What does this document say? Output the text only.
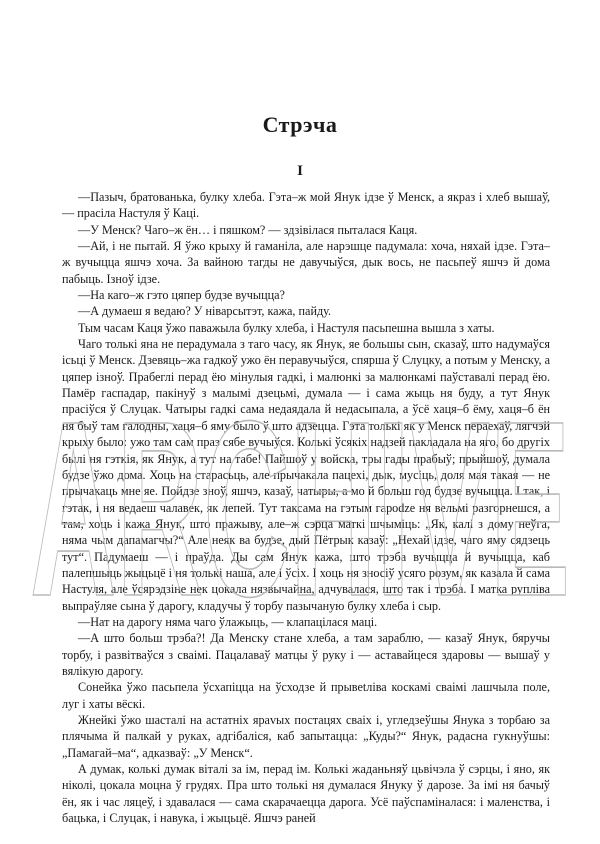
Стрэча
I

—Пазыч, братованька, булку хлеба. Гэта–ж мой Янук ідзе ў Менск, а якраз і хлеб вышаў, — прасіла Настуля ў Каці.

—У Менск? Чаго–ж ён… і пяшком? — здзівілася пыталася Каця.

—Ай, і не пытай. Я ўжо крыху й гаманіла, але нарэшце падумала: хоча, няхай ідзе. Гэта–ж вучыцца яшчэ хоча. За вайною тагды не давучыўся, дык вось, не пасьпеў яшчэ й дома пабыць. Ізноў ідзе.

—На каго–ж гэто цяпер будзе вучыцца?

—А думаеш я ведаю? У ніварсытэт, кажа, пайду.

Тым часам Каця ўжо паважыла булку хлеба, і Настуля пасьпешна вышла з хаты.

Чаго толькі яна не перадумала з таго часу, як Янук, яе большы сын, сказаў, што надумаўся ісьці ў Менск. Дзевяць–жа гадкоў ужо ён перавучыўся, спярша ў Слуцку, а потым у Менску, а цяпер ізноў. Прабеглі перад ёю мінулыя гадкі, і малюнкі за малюнкамі паўставалі перад ёю. Памёр гаспадар, пакінуў з малымі дзецьмі, думала — і сама жыць ня буду, а тут Янук прасіўся ў Слуцак. Чатыры гадкі сама недаядала й недасыпала, а ўсё хаця–б ёму, хаця–б ён ня быў там галодны, хаця–б яму было ў што адзецца. Гэта толькі як у Менск пераехаў, лягчэй крыху было: ужо там сам праз сябе вучыўся. Колькі ўсякіх надзей пакладала на яго, бо другіх былі ня гэткія, як Янук, а тут на табе! Пайшоў у войска, тры гады прабыў; прыйшоў, думала будзе ўжо дома. Хоць на старасьць, але прычакала пацехі, дык, мусіць, доля мая такая — не прычакаць мне яе. Пойдзе зноў, яшчэ, казаў, чатыры, а мо й больш год будзе вучыцца. І так, і гэтак, і ня ведаеш чалавек, як лепей. Тут таксама на гэтым гарodze ня вельмі разгорнешся, а там, хоць і кажа Янук, што пражыву, але–ж сэрца маткі шчыміць: „Як, калі з дому неўга, няма чым дапамагчы?“ Але неяк ва будзе, дый Пётрык казаў: „Нехай ідзе, чаго яму сядзець тут“. Падумаеш — і праўда. Ды сам Янук кажа, што трэба вучыцца й вучыцца, каб палепшыць жыцьцё і ня толькі наша, але і ўсіх. І хоць ня зносіў усяго розум, як казала й сама Настуля, але ўсярэдзіне нек цокала нязвычайна, адчувалася, што так і трэба. І матка рупліва выпраўляе сына ў дарогу, кладучы ў торбу пазычаную булку хлеба і сыр.

—Нат на дарогу няма чаго ўлажыць, — клапацілася маці.

—А што больш трэба?! Да Менску стане хлеба, а там зараблю, — казаў Янук, бяручы торбу, і развітваўся з сваімі. Пацалаваў матцы ў руку і — аставайцеся здаровы — вышаў у вялікую дарогу.

Сонейка ўжо пасьпела ўсхапіцца на ўсходзе й прывеtліва коскамі сваімі лашчыла поле, луг і хаты вёскі.

Жнейкі ўжо шасталі на астатніх ярavых постацях сваіх і, угледзеўшы Янука з торбаю за плячыма й палкай у руках, адгібаліся, каб запытацца: „Куды?“ Янук, радасна гукнуўшы: „Памагай–ма“, адказваў: „У Менск“.

А думак, колькі думак віталі за ім, перад ім. Колькі жаданьняў цьвічэла ў сэрцы, і яно, як ніколі, цокала моцна ў грудях. Пра што толькі ня думалася Януку ў дарозе. За імі ня бачыў ён, як і час ляцеў, і здавалася — сама скарачаецца дарога. Усё паўспаміналася: і маленства, і бацька, і Слуцак, і навука, і жыцьцё. Яшчэ раней

ARCHIVE
